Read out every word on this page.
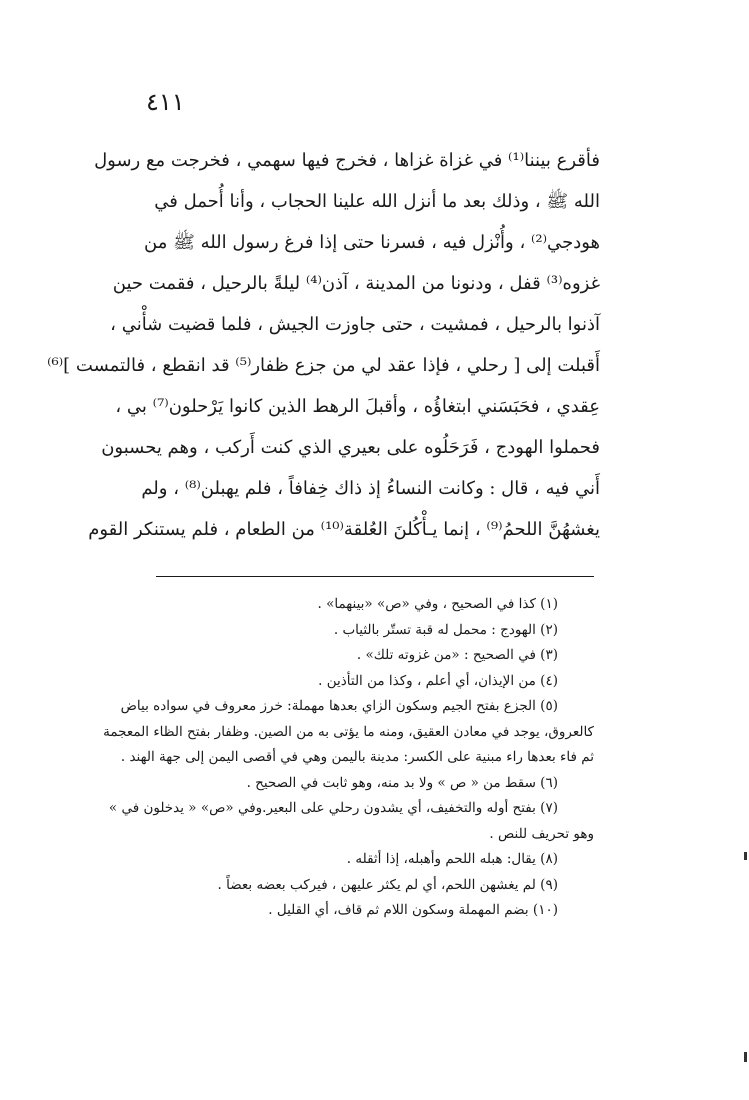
٤١١
فأقرع بيننا⁽¹⁾ في غزاة غزاها ، فخرج فيها سهمي ، فخرجت مع رسول
الله ﷺ ، وذلك بعد ما أنزل الله علينا الحجاب ، وأنا أُحمل في
هودجي⁽²⁾ ، وأُنْزل فيه ، فسرنا حتى إذا فرغ رسول الله ﷺ من
غزوه⁽³⁾ قفل ، ودنونا من المدينة ، آذن⁽⁴⁾ ليلةً بالرحيل ، فقمت حين
آذنوا بالرحيل ، فمشيت ، حتى جاوزت الجيش ، فلما قضيت شأْني ،
أَقبلت إلى [ رحلي ، فإذا عقد لي من جزع ظفار⁽⁵⁾ قد انقطع ، فالتمست ]⁽⁶⁾
عِقدي ، فحَبَسَني ابتغاؤُه ، وأقبلَ الرهط الذين كانوا يَرْحلون⁽⁷⁾ بي ،
فحملوا الهودج ، فَرَحَلُوه على بعيري الذي كنت أَركب ، وهم يحسبون
أَني فيه ، قال : وكانت النساءُ إذ ذاك خِفافاً ، فلم يهبلن⁽⁸⁾ ، ولم
يغشهُنَّ اللحمُ⁽⁹⁾ ، إنما يـأْكُلنَ العُلقة⁽¹⁰⁾ من الطعام ، فلم يستنكر القوم
(١) كذا في الصحيح ، وفي «ص» «بينهما» .
(٢) الهودج : محمل له قبة تستّر بالثياب .
(٣) في الصحيح : «من غزوته تلك» .
(٤) من الإيذان، أي أعلم ، وكذا من التأذين .
(٥) الجزع بفتح الجيم وسكون الزاي بعدها مهملة: خرز معروف في سواده بياض
كالعروق، يوجد في معادن العقيق، ومنه ما يؤتى به من الصين. وظفار بفتح الظاء المعجمة
ثم فاء بعدها راء مبنية على الكسر: مدينة باليمن وهي في أقصى اليمن إلى جهة الهند .
(٦) سقط من « ص » ولا بد منه، وهو ثابت في الصحيح .
(٧) بفتح أوله والتخفيف، أي يشدون رحلي على البعير.وفي «ص» « يدخلون في »
وهو تحريف للنص .
(٨) يقال: هبله اللحم وأهبله، إذا أثقله .
(٩) لم يغشهن اللحم، أي لم يكثر عليهن ، فيركب بعضه بعضاً .
(١٠) بضم المهملة وسكون اللام ثم قاف، أي القليل .
